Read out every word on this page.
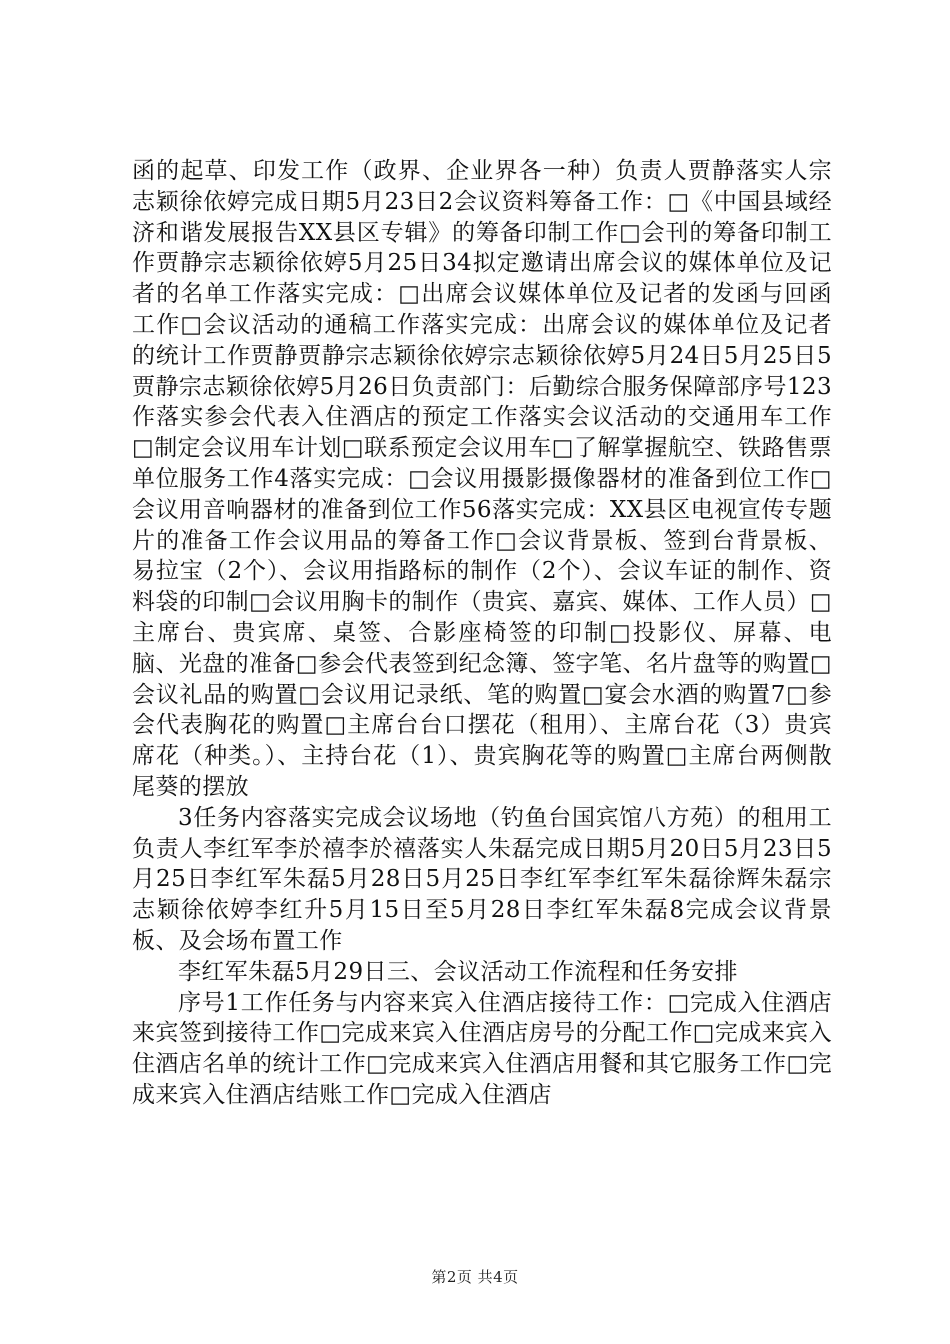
函的起草、印发工作（政界、企业界各一种）负责人贾静落实人宗志颖徐依婷完成日期5月23日2会议资料筹备工作：□《中国县域经济和谐发展报告XX县区专辑》的筹备印制工作□会刊的筹备印制工作贾静宗志颖徐依婷5月25日34拟定邀请出席会议的媒体单位及记者的名单工作落实完成：□出席会议媒体单位及记者的发函与回函工作□会议活动的通稿工作落实完成：出席会议的媒体单位及记者的统计工作贾静贾静宗志颖徐依婷宗志颖徐依婷5月24日5月25日5贾静宗志颖徐依婷5月26日负责部门：后勤综合服务保障部序号123作落实参会代表入住酒店的预定工作落实会议活动的交通用车工作□制定会议用车计划□联系预定会议用车□了解掌握航空、铁路售票单位服务工作4落实完成：□会议用摄影摄像器材的准备到位工作□会议用音响器材的准备到位工作56落实完成：XX县区电视宣传专题片的准备工作会议用品的筹备工作□会议背景板、签到台背景板、易拉宝（2个）、会议用指路标的制作（2个）、会议车证的制作、资料袋的印制□会议用胸卡的制作（贵宾、嘉宾、媒体、工作人员）□主席台、贵宾席、桌签、合影座椅签的印制□投影仪、屏幕、电脑、光盘的准备□参会代表签到纪念簿、签字笔、名片盘等的购置□会议礼品的购置□会议用记录纸、笔的购置□宴会水酒的购置7□参会代表胸花的购置□主席台台口摆花（租用）、主席台花（3）贵宾席花（种类。）、主持台花（1）、贵宾胸花等的购置□主席台两侧散尾葵的摆放

3任务内容落实完成会议场地（钓鱼台国宾馆八方苑）的租用工负责人李红军李於禧李於禧落实人朱磊完成日期5月20日5月23日5月25日李红军朱磊5月28日5月25日李红军李红军朱磊徐辉朱磊宗志颖徐依婷李红升5月15日至5月28日李红军朱磊8完成会议背景板、及会场布置工作

李红军朱磊5月29日三、会议活动工作流程和任务安排

序号1工作任务与内容来宾入住酒店接待工作：□完成入住酒店来宾签到接待工作□完成来宾入住酒店房号的分配工作□完成来宾入住酒店名单的统计工作□完成来宾入住酒店用餐和其它服务工作□完成来宾入住酒店结账工作□完成入住酒店

第2页 共4页
